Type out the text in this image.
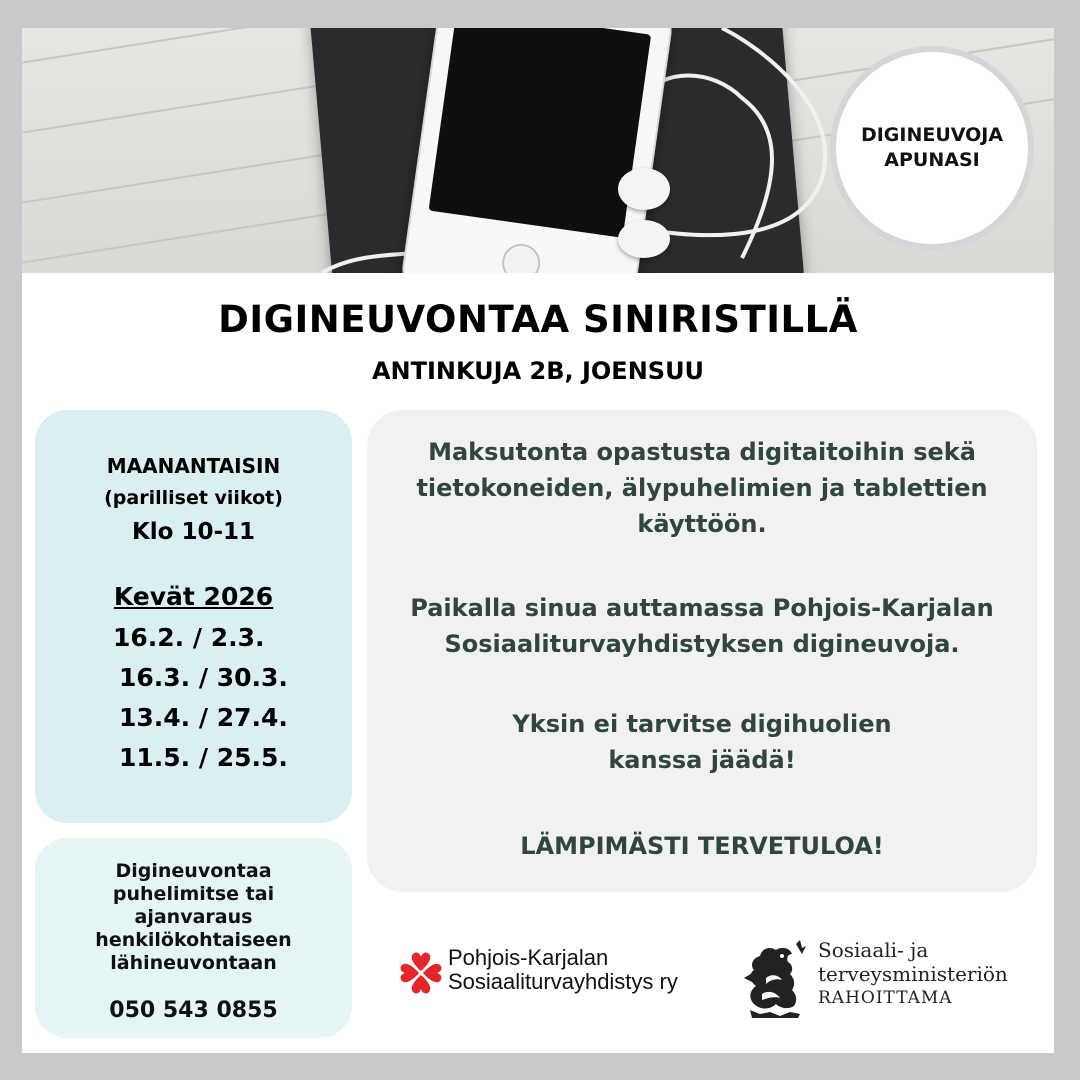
DIGINEUVOJA
APUNASI
DIGINEUVONTAA SINIRISTILLÄ
ANTINKUJA 2B, JOENSUU
MAANANTAISIN
(parilliset viikot)
Klo 10-11
Kevät 2026
16.2. / 2.3.
16.3. / 30.3.
13.4. / 27.4.
11.5. / 25.5.
Digineuvontaa
puhelimitse tai
ajanvaraus
henkilökohtaiseen
lähineuvontaan
050 543 0855

Maksutonta opastusta digitaitoihin sekä tietokoneiden, älypuhelimien ja tablettien käyttöön.

Paikalla sinua auttamassa Pohjois-Karjalan Sosiaaliturvayhdistyksen digineuvoja.

Yksin ei tarvitse digihuolien kanssa jäädä!

LÄMPIMÄSTI TERVETULOA!

Pohjois-Karjalan
Sosiaaliturvayhdistys ry
Sosiaali- ja
terveysministeriön
RAHOITTAMA
